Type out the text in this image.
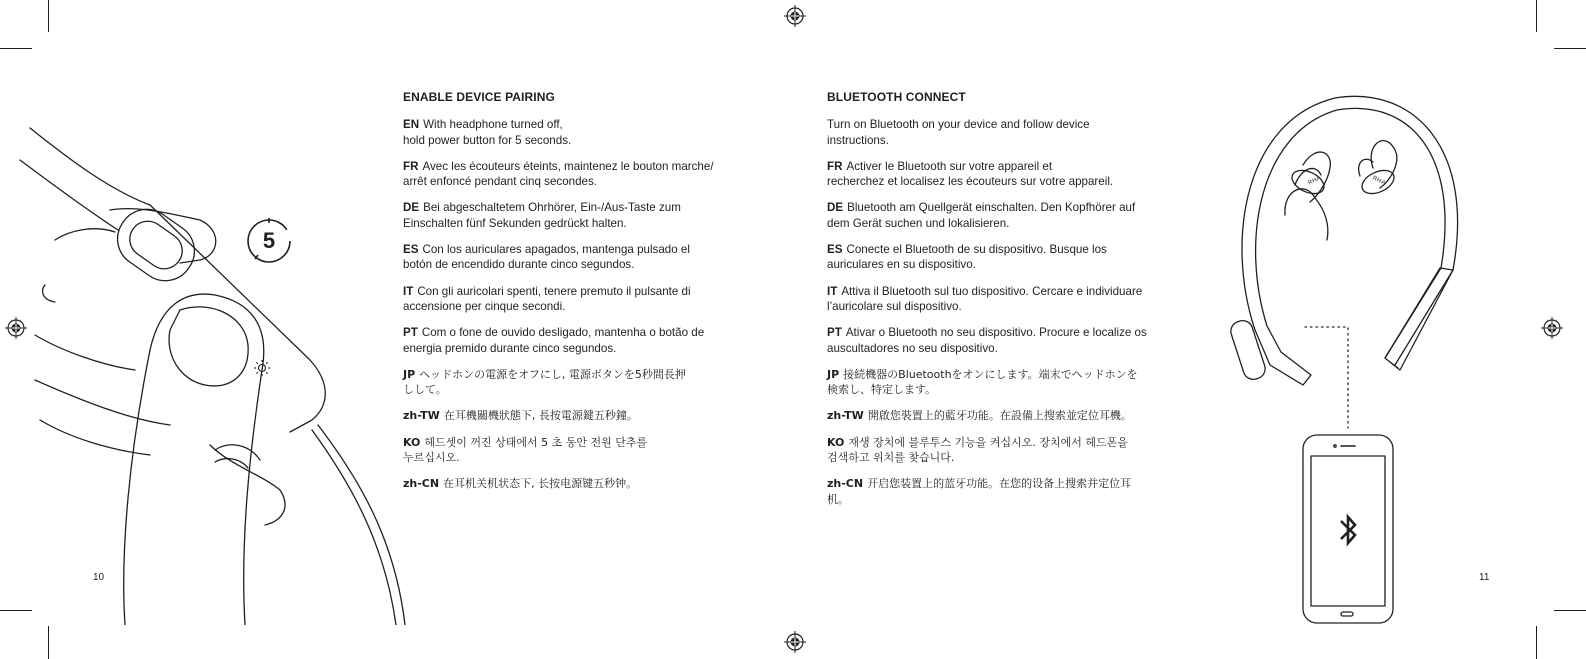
5
ENABLE DEVICE PAIRING

EN With headphone turned off,
hold power button for 5 seconds.

FR Avec les écouteurs éteints, maintenez le bouton marche/
arrêt enfoncé pendant cinq secondes.

DE Bei abgeschaltetem Ohrhörer, Ein-/Aus-Taste zum
Einschalten fünf Sekunden gedrückt halten.

ES Con los auriculares apagados, mantenga pulsado el
botón de encendido durante cinco segundos.

IT Con gli auricolari spenti, tenere premuto il pulsante di
accensione per cinque secondi.

PT Com o fone de ouvido desligado, mantenha o botão de
energia premido durante cinco segundos.

JP ヘッドホンの電源をオフにし, 電源ボタンを5秒間長押
しして。

zh-TW 在耳機關機狀態下, 長按電源鍵五秒鐘。

KO 헤드셋이 꺼진 상태에서 5 초 동안 전원 단추를
누르십시오.

zh-CN 在耳机关机状态下, 长按电源键五秒钟。

BLUETOOTH CONNECT

Turn on Bluetooth on your device and follow device
instructions.

FR Activer le Bluetooth sur votre appareil et
recherchez et localisez les écouteurs sur votre appareil.

DE Bluetooth am Quellgerät einschalten. Den Kopfhörer auf
dem Gerät suchen und lokalisieren.

ES Conecte el Bluetooth de su dispositivo. Busque los
auriculares en su dispositivo.

IT Attiva il Bluetooth sul tuo dispositivo. Cercare e individuare
l’auricolare sul dispositivo.

PT Ativar o Bluetooth no seu dispositivo. Procure e localize os
auscultadores no seu dispositivo.

JP 接続機器のBluetoothをオンにします。端末でヘッドホンを
検索し、特定します。

zh-TW 開啟您裝置上的藍牙功能。在設備上搜索並定位耳機。

KO 재생 장치에 블루투스 기능을 켜십시오. 장치에서 헤드폰을
검색하고 위치를 찾습니다.

zh-CN 开启您装置上的蓝牙功能。在您的设备上搜索并定位耳
机。

RHA	RHA
10	11
